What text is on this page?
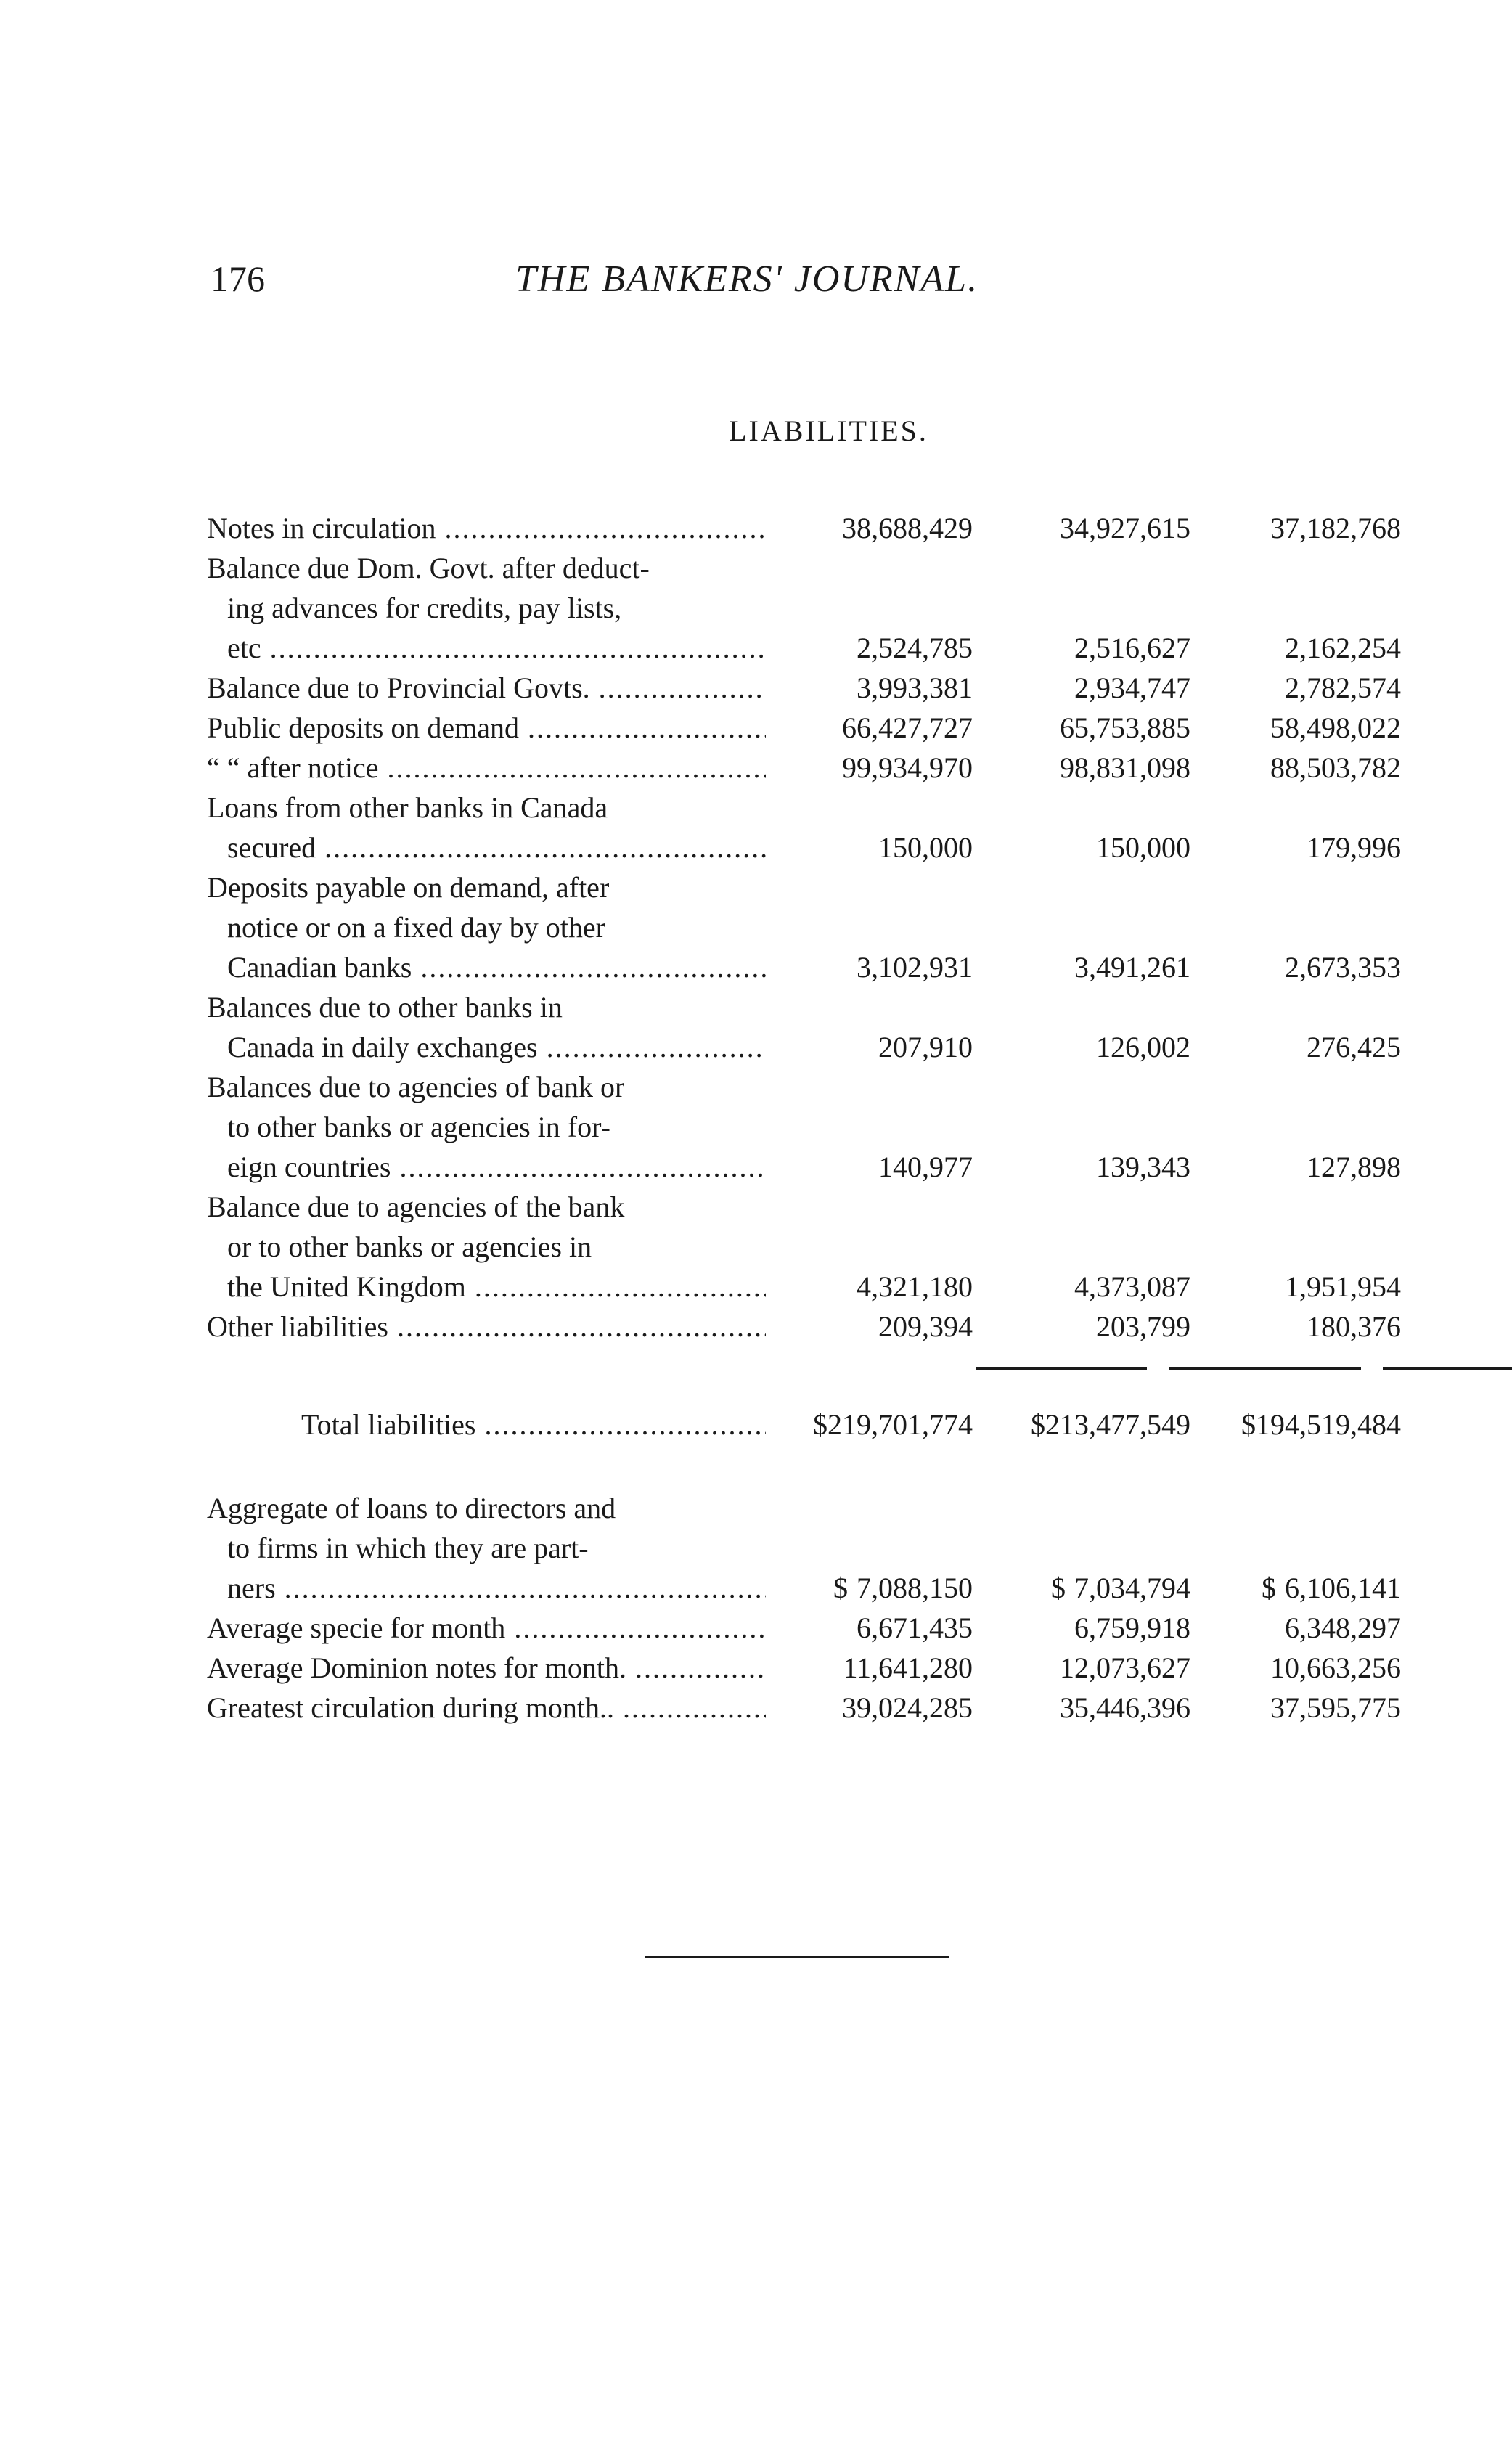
176	THE BANKERS' JOURNAL.
LIABILITIES.
Notes in circulation .....	38,688,429	34,927,615	37,182,768
Balance due Dom. Govt. after deduct-
ing advances for credits, pay lists,
etc .....	2,524,785	2,516,627	2,162,254
Balance due to Provincial Govts. .....	3,993,381	2,934,747	2,782,574
Public deposits on demand .....	66,427,727	65,753,885	58,498,022
“ “ after notice .....	99,934,970	98,831,098	88,503,782
Loans from other banks in Canada
secured .....	150,000	150,000	179,996
Deposits payable on demand, after
notice or on a fixed day by other
Canadian banks .....	3,102,931	3,491,261	2,673,353
Balances due to other banks in
Canada in daily exchanges .....	207,910	126,002	276,425
Balances due to agencies of bank or
to other banks or agencies in for-
eign countries .....	140,977	139,343	127,898
Balance due to agencies of the bank
or to other banks or agencies in
the United Kingdom .....	4,321,180	4,373,087	1,951,954
Other liabilities .....	209,394	203,799	180,376
Total liabilities .....	$219,701,774	$213,477,549	$194,519,484
Aggregate of loans to directors and
to firms in which they are part-
ners .....	$ 7,088,150	$ 7,034,794	$ 6,106,141
Average specie for month .....	6,671,435	6,759,918	6,348,297
Average Dominion notes for month. .....	11,641,280	12,073,627	10,663,256
Greatest circulation during month.. .....	39,024,285	35,446,396	37,595,775
